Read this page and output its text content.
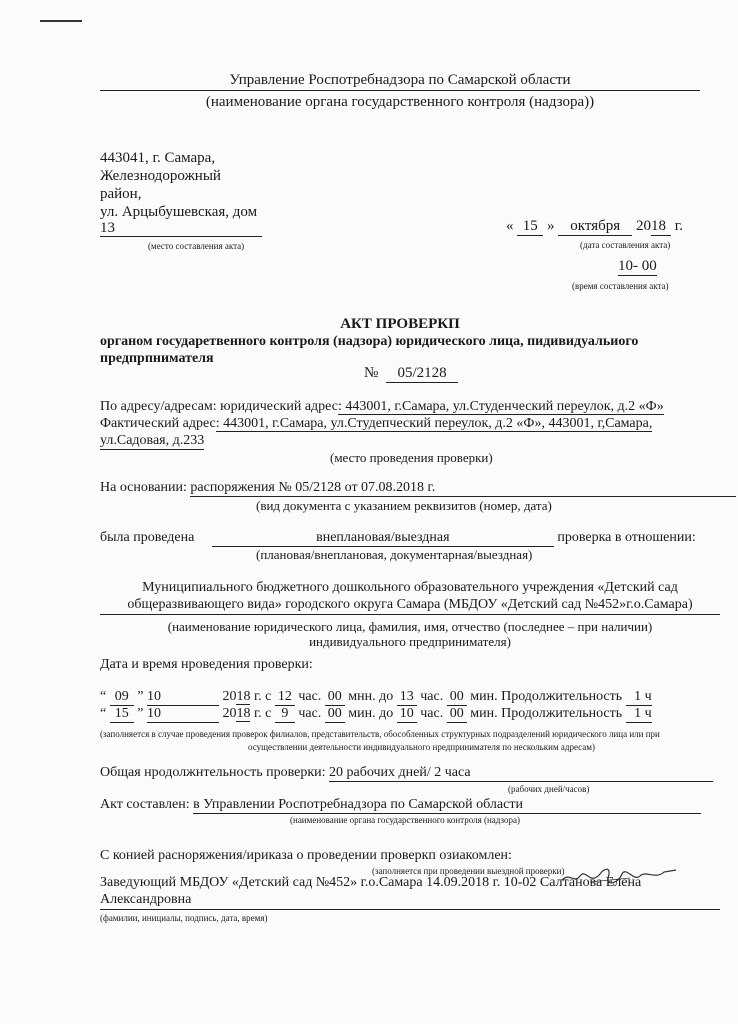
Управление Роспотребнадзора по Самарской области
(наименование органа государственного контроля (надзора))
443041, г. Самара,
Железнодорожный
район,
ул. Арцыбушевская, дом
13
(место составления акта)
« 15 » октября 2018 г.
(дата составления акта)
10- 00
(время составления акта)
АКТ ПРОВЕРКП
органом государетвенного контроля (надзора) юридического лица, пидивидуальиого
предпрпнимателя
№ 05/2128
По адресу/адресам: юридический адрес: 443001, г.Самара, ул.Студенческий переулок, д.2 «Ф»
Фактический адрес: 443001, г.Самара, ул.Студепческий переулок, д.2 «Ф», 443001, г,Самара,
ул.Садовая, д.233
(место проведения проверки)
На основании: распоряжения № 05/2128 от 07.08.2018 г.
(вид документа с указанием реквизитов (номер, дата)
была проведена	внеплановая/выездная	проверка в отношении:
(плановая/внеплановая, документарная/выездная)
Муниципиального бюджетного дошкольного образовательного учреждения «Детский сад
общеразвивающего вида» городского округа Самара (МБДОУ «Детский сад №452»г.о.Самара)
(наименование юридического лица, фамилия, имя, отчество (последнее – при наличии)
индивидуального предпринимателя)
Дата и время нроведения проверки:
“ 09 ” 10	2018 г. с 12 час. 00 мнн. до 13 час. 00 мин. Продолжительность 1 ч
“ 15 ” 10	2018 г. с 9 час. 00 мин. до 10 час. 00 мин. Продолжительность 1 ч
(заполняется в случае проведения проверок филиалов, представительств, обособленных структурных подразделений юридического лица или при
осуществлении деятельности индивидуального нредпринимателя по нескольким адресам)
Общая нродолжнтельность проверки: 20 рабочих дней/ 2 часа
(рабочих дней/часов)
Акт составлен: в Управлении Роспотребнадзора по Самарской области
(наименование органа государственного контроля (надзора)
С конией расноряжения/ириказа о проведении проверкп озиакомлен:
(заполняется при проведении выездной проверки)
Заведующий МБДОУ «Детский сад №452» г.о.Самара 14.09.2018 г. 10-02 Салтанова Елена
Александровна
(фамилии, инициалы, подпись, дата, время)
